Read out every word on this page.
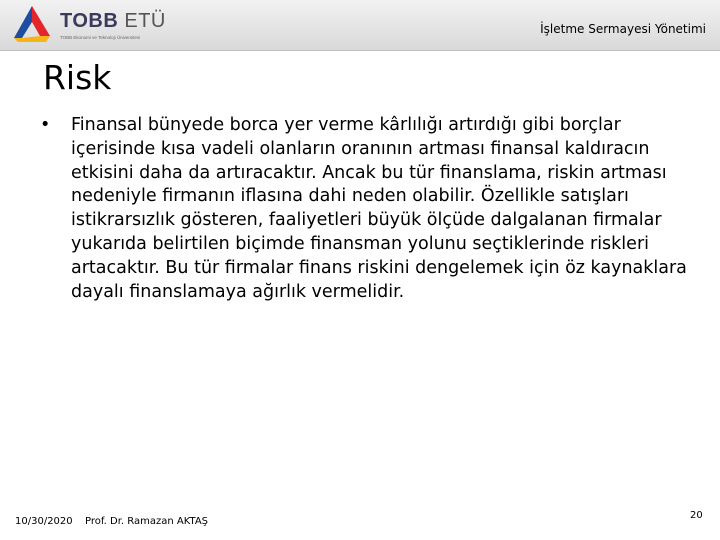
TOBB ETÜ
TOBB Ekonomi ve Teknoloji Üniversitesi
İşletme Sermayesi Yönetimi
Risk
• Finansal bünyede borca yer verme kârlılığı artırdığı gibi borçlar içerisinde kısa vadeli olanların oranının artması finansal kaldıracın etkisini daha da artıracaktır. Ancak bu tür finanslama, riskin artması nedeniyle firmanın iflasına dahi neden olabilir. Özellikle satışları istikrarsızlık gösteren, faaliyetleri büyük ölçüde dalgalanan firmalar yukarıda belirtilen biçimde finansman yolunu seçtiklerinde riskleri artacaktır. Bu tür firmalar finans riskini dengelemek için öz kaynaklara dayalı finanslamaya ağırlık vermelidir.
10/30/2020 Prof. Dr. Ramazan AKTAŞ
20
